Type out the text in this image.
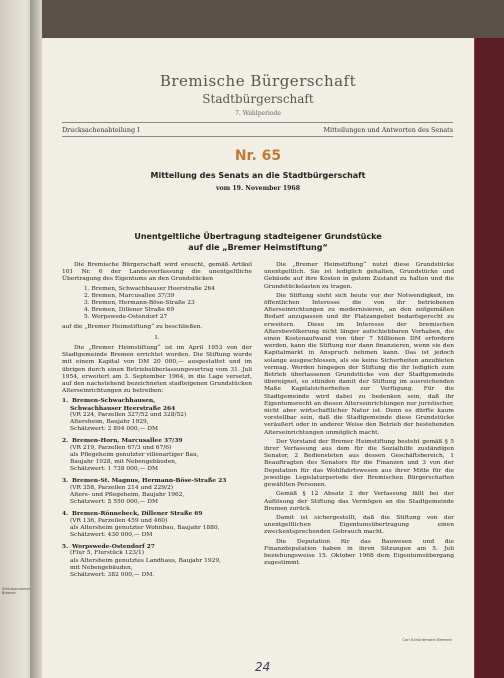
Schlussnummer Bremen
Bremische Bürgerschaft
Stadtbürgerschaft
7. Wahlperiode
Drucksachenabteilung I	Mitteilungen und Antworten des Senats
Nr. 65
Mitteilung des Senats an die Stadtbürgerschaft
vom 19. November 1968
Unentgeltliche Übertragung stadteigener Grundstücke
auf die „Bremer Heimstiftung“

Die Bremische Bürgerschaft wird ersucht, gemäß Artikel 101 Nr. 6 der Landesverfassung die unentgeltliche Übertragung des Eigentums an den Grundstücken

1. Bremen, Schwachhauser Heerstraße 264
2. Bremen, Marcusallee 37/39
3. Bremen, Hermann-Böse-Straße 23
4. Bremen, Dillener Straße 69
5. Worpswede-Ostendorf 27

auf die „Bremer Heimstiftung“ zu beschließen.

I.

Die „Bremer Heimstiftung“ ist im April 1953 von der Stadtgemeinde Bremen errichtet worden. Die Stiftung wurde mit einem Kapital von DM 20 000,— ausgestattet und im übrigen durch einen Betriebsüberlassungsvertrag vom 31. Juli 1954, erweitert am 3. September 1964, in die Lage versetzt, auf den nachstehend bezeichneten stadteigenen Grundstücken Alterseinrichtungen zu betreiben:

1. Bremen-Schwachhausen,
Schwachhauser Heerstraße 264
(VR 224, Parzellen 327/52 und 328/52)
Altersheim, Baujahr 1929,
Schätzwert: 2 894 000,— DM
2. Bremen-Horn, Marcusallee 37/39
(VR 219, Parzellen 67/3 und 67/6)
als Pflegeheim genutzter villenartiger Bau,
Baujahr 1928, mit Nebengebäuden,
Schätzwert: 1 738 000,— DM
3. Bremen-St. Magnus, Hermann-Böse-Straße 23
(VR 358, Parzellen 214 und 229/2)
Alters- und Pflegeheim, Baujahr 1962,
Schätzwert: 5 550 000,— DM
4. Bremen-Rönnebeck, Dillener Straße 69
(VR 136, Parzellen 459 und 460)
als Altersheim genutzter Wohnbau, Baujahr 1880,
Schätzwert: 430 000,— DM
5. Worpswede-Ostendorf 27
(Flur 5, Flurstück 123/1)
als Altersheim genutztes Landhaus, Baujahr 1929,
mit Nebengebäuden,
Schätzwert: 382 000,— DM.

Die „Bremer Heimstiftung“ nutzt diese Grundstücke unentgeltlich. Sie ist lediglich gehalten, Grundstücke und Gebäude auf ihre Kosten in gutem Zustand zu halten und die Grundstückslasten zu tragen.

Die Stiftung sieht sich heute vor der Notwendigkeit, im öffentlichen Interesse die von ihr betriebenen Alterseinrichtungen zu modernisieren, an den zeitgemäßen Bedarf anzupassen und ihr Platzangebot bedarfsgerecht zu erweitern. Diese im Interesse der bremischen Altersbevölkerung nicht länger aufschiebbaren Vorhaben, die einen Kostenaufwand von über 7 Millionen DM erfordern werden, kann die Stiftung nur dann finanzieren, wenn sie den Kapitalmarkt in Anspruch nehmen kann. Das ist jedoch solange ausgeschlossen, als sie keine Sicherheiten anzubieten vermag. Werden hingegen der Stiftung die ihr lediglich zum Betrieb überlassenen Grundstücke von der Stadtgemeinde übereignet, so stünden damit der Stiftung im ausreichenden Maße Kapitalsicherheiten zur Verfügung. Für die Stadtgemeinde wird dabei zu bedenken sein, daß ihr Eigentumsrecht an diesen Alterseinrichtungen nur juristischer, nicht aber wirtschaftlicher Natur ist. Denn es dürfte kaum vorstellbar sein, daß die Stadtgemeinde diese Grundstücke veräußert oder in anderer Weise den Betrieb der bestehenden Alterseinrichtungen unmöglich macht.

Der Vorstand der Bremer Heimstiftung besteht gemäß § 5 ihrer Verfassung aus dem für die Sozialhilfe zuständigen Senator, 2 Bediensteten aus dessen Geschäftsbereich, 1 Beauftragten des Senators für die Finanzen und 3 von der Deputation für das Wohlfahrtswesen aus ihrer Mitte für die jeweilige Legislaturperiode der Bremischen Bürgerschaften gewählten Personen.

Gemäß § 12 Absatz 2 der Verfassung fällt bei der Auflösung der Stiftung das Vermögen an die Stadtgemeinde Bremen zurück.

Damit ist sichergestellt, daß die Stiftung von der unentgeltlichen Eigentumsübertragung einen zweckentsprechenden Gebrauch macht.

Die Deputation für das Bauwesen und die Finanzdeputation haben in ihren Sitzungen am 5. Juli beziehungsweise 15. Oktober 1968 dem Eigentumsübergang zugestimmt.

Carl Schünemann Bremen
24
